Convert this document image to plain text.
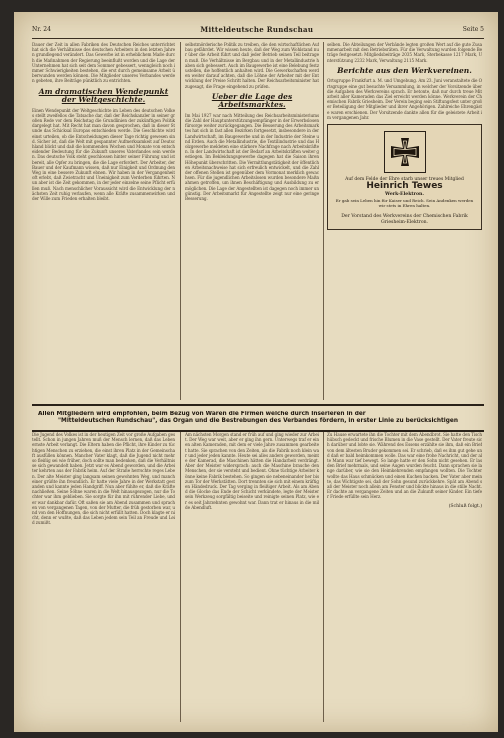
Nr. 24	Mitteldeutsche Rundschau	Seite 5
Dauer der Zeit in allen Fabriken des Deutschen Reiches unterrichtet hat sich die Verhältnisse des deutschen Arbeiters in den letzten Jahren grundlegend verändert. Das Gewerbe ist in erheblichem Maße durch die Maßnahmen der Regierung beeinflußt worden und die Lage der Unternehmen hat sich seit dem Sommer gebessert, wenngleich noch immer Schwierigkeiten bestehen, die erst durch gemeinsame Arbeit überwunden werden können. Die Mitglieder unseres Verbandes werden gebeten, ihre Beiträge pünktlich zu entrichten.
Am dramatischen Wendepunkt der Weltgeschichte.
Einen Wendepunkt der Weltgeschichte im Leben des deutschen Volkes stellt zweifellos die Tatsache dar, daß der Reichskanzler in seiner großen Rede vor dem Reichstag die Grundlinien der zukünftigen Politik dargelegt hat. Mit Recht hat man davon gesprochen, daß in dieser Stunde das Schicksal Europas entschieden werde. Die Geschichte wird einst urteilen, ob die Entscheidungen dieser Tage richtig gewesen sind. Sicher ist, daß die Welt mit gespannter Aufmerksamkeit auf Deutschland blickt und daß die kommenden Wochen und Monate von entscheidender Bedeutung für die Zukunft unseres Vaterlandes sein werden. Das deutsche Volk steht geschlossen hinter seiner Führung und ist bereit, alle Opfer zu bringen, die die Lage erfordert. Der Arbeiter, der Bauer und der Kaufmann wissen, daß nur Einigkeit und Ordnung den Weg in eine bessere Zukunft ebnen. Wir haben in der Vergangenheit oft erlebt, daß Zwietracht und Uneinigkeit zum Verderben führten. Nun aber ist die Zeit gekommen, in der jeder einzelne seine Pflicht erfüllen muß. Nach menschlicher Voraussicht wird die Entwicklung der nächsten Zeit ruhig verlaufen, wenn alle Kräfte zusammenwirken und der Wille zum Frieden erhalten bleibt.
selbstmörderische Politik zu treiben, die den wirtschaftlichen Aufbau gefährdet. Wir wissen heute, daß der Weg zum Wohlstand nur über die Arbeit führt und daß jeder Betrieb seinen Teil beitragen muß. Die Verhältnisse im Bergbau und in der Metallindustrie haben sich gebessert. Auch im Baugewerbe ist eine Belebung festzustellen, die hoffentlich anhalten wird. Die Gewerkschaften werden weiter darauf achten, daß die Löhne der Arbeiter mit der Entwicklung der Preise Schritt halten. Der Reichsarbeitsminister hat zugesagt, die Frage eingehend zu prüfen.
Ueber die Lage des Arbeitsmarktes.
Im Mai 1927 war nach Mitteilung des Reichsarbeitsministeriums die Zahl der Hauptunterstützungsempfänger in der Erwerbslosenfürsorge weiter zurückgegangen. Die Besserung des Arbeitsmarktes hat sich in fast allen Bezirken fortgesetzt, insbesondere in der Landwirtschaft, im Baugewerbe und in der Industrie der Steine und Erden. Auch die Metallindustrie, die Textilindustrie und das Holzgewerbe meldeten eine stärkere Nachfrage nach Arbeitskräften. In der Landwirtschaft ist der Bedarf an Arbeitskräften weiter gestiegen. Im Bekleidungsgewerbe dagegen hat die Saison ihren Höhepunkt überschritten. Die Vermittlungstätigkeit der öffentlichen Arbeitsnachweise hat sich erfreulich entwickelt, und die Zahl der offenen Stellen ist gegenüber dem Vormonat merklich gewachsen. Für die jugendlichen Arbeitslosen wurden besondere Maßnahmen getroffen, um ihnen Beschäftigung und Ausbildung zu ermöglichen. Die Lage der Angestellten ist dagegen noch immer ungünstig. Der Arbeitsmarkt für Angestellte zeigt nur eine geringe Besserung.
selben. Die Abteilungen der Verbände legten großen Wert auf die gute Zusammenarbeit mit den Betriebsräten. Für die Verwaltung wurden folgende Beträge festgesetzt: Mitgliedsbeiträge 2035 Mark, Sterbekasse 1217 Mark, Unterstützung 2232 Mark, Verwaltung 2115 Mark.
Berichte aus den Werkvereinen.
Ortsgruppe Frankfurt a. M. und Umgebung. Am 23. Juni veranstaltete die Ortsgruppe eine gut besuchte Versammlung, in welcher der Vorsitzende über die Aufgaben des Werkvereins sprach. Er betonte, daß nur durch treue Mitarbeit aller Kameraden das Ziel erreicht werden könne. Werkverein der Chemischen Fabrik Griesheim. Der Verein beging sein Stiftungsfest unter großer Beteiligung der Mitglieder und ihrer Angehörigen. Zahlreiche Ehrengäste waren erschienen. Der Vorsitzende dankte allen für die geleistete Arbeit im vergangenen Jahr.
Auf dem Felde der Ehre starb unser treues Mitglied
Heinrich Tewes
Werk-Elektron.
Er gab sein Leben hin für Kaiser und Reich. Sein Andenken werden wir stets in Ehren halten.
Der Vorstand des Werkvereins der Chemischen Fabrik Griesheim-Elektron.
Allen Mitgliedern wird empfohlen, beim Bezug von Waren die Firmen welche durch Inserieren in der
"Mitteldeutschen Rundschau", das Organ und die Bestrebungen des Verbandes fördern, in erster Linie zu berücksichtigen
Die Jugend des Volkes ist in der heutigen Zeit vor große Aufgaben gestellt. Schon in jungen Jahren muß der Mensch lernen, daß das Leben ernste Arbeit verlangt. Die Eltern haben die Pflicht, ihre Kinder zu tüchtigen Menschen zu erziehen, die einst ihren Platz in der Gemeinschaft ausfüllen können. Mancher Vater klagt, daß die Jugend nicht mehr so fleißig sei wie früher, doch sollte man bedenken, daß die Verhältnisse sich gewandelt haben. Jetzt war es Abend geworden, und die Arbeiter kehrten aus der Fabrik heim. Auf der Straße herrschte reges Leben. Der alte Meister ging langsam seinen gewohnten Weg, und manch einer grüßte ihn freundlich. Er hatte viele Jahre in der Werkstatt gestanden und kannte jeden Handgriff. Nun aber fühlte er, daß die Kräfte nachließen. Seine Söhne waren in die Welt hinausgezogen, nur die Tochter war ihm geblieben. Sie sorgte für ihn mit rührender Liebe, und er war dankbar dafür. Oft saßen sie am Abend zusammen und sprachen von vergangenen Tagen, von der Mutter, die früh gestorben war, und von den Hoffnungen, die sich nicht erfüllt hatten. Doch klagte er nicht, denn er wußte, daß das Leben jedem sein Teil an Freude und Leid zumißt.
Am nächsten Morgen stand er früh auf und ging wieder zur Arbeit. Der Weg war weit, aber er ging ihn gern. Unterwegs traf er einen alten Kameraden, mit dem er viele Jahre zusammen gearbeitet hatte. Sie sprachen von den Zeiten, als die Fabrik noch klein war und jeder jeden kannte. Heute sei alles anders geworden, meinte der Kamerad, die Maschinen hätten die Handarbeit verdrängt. Aber der Meister widersprach: auch die Maschine brauche den Menschen, der sie versteht und bedient. Ohne tüchtige Arbeiter könne keine Fabrik bestehen. So gingen sie nebeneinander her bis zum Tor der Werkstätten. Dort trennten sie sich mit einem kräftigen Händedruck. Der Tag verging in fleißiger Arbeit. Als am Abend die Glocke das Ende der Schicht verkündete, legte der Meister sein Werkzeug sorgfältig beiseite und reinigte seinen Platz, wie er es seit Jahrzehnten gewohnt war. Dann trat er hinaus in die milde Abendluft.
Zu Hause erwartete ihn die Tochter mit dem Abendbrot. Sie hatte den Tisch hübsch gedeckt und frische Blumen in die Vase gestellt. Der Vater freute sich darüber und lobte sie. Während des Essens erzählte sie ihm, daß ein Brief von dem ältesten Bruder gekommen sei. Er schrieb, daß es ihm gut gehe und daß er bald heimkommen wolle. Das war eine frohe Nachricht, und der alte Mann war tief bewegt. So lange hatte er den Sohn nicht gesehen. Er las den Brief mehrmals, und seine Augen wurden feucht. Dann sprachen sie lange darüber, wie sie den Heimkehrenden empfangen wollten. Die Tochter wollte das Haus schmücken und einen Kuchen backen. Der Vater aber meinte, das Wichtigste sei, daß der Sohn gesund zurückkehre. Spät am Abend saß der Meister noch allein am Fenster und blickte hinaus in die stille Nacht. Er dachte an vergangene Zeiten und an die Zukunft seiner Kinder. Ein tiefer Friede erfüllte sein Herz.
(Schluß folgt.)
